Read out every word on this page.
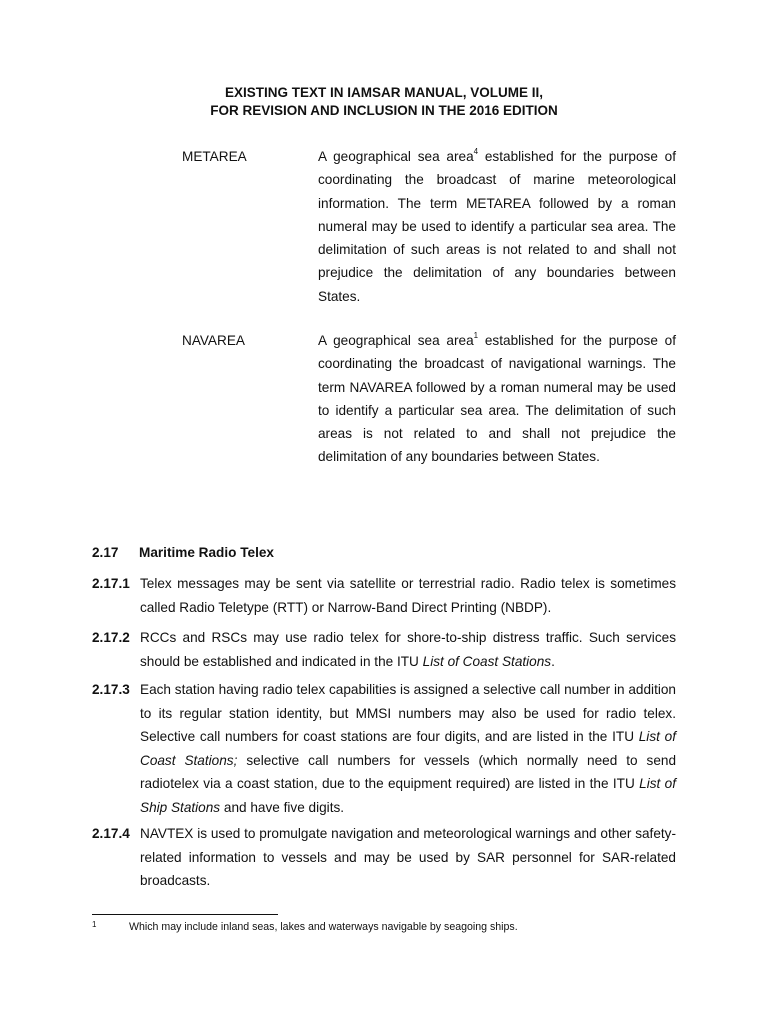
EXISTING TEXT IN IAMSAR MANUAL, VOLUME II,
FOR REVISION AND INCLUSION IN THE 2016 EDITION
METAREA	A geographical sea area$^4$ established for the purpose of coordinating the broadcast of marine meteorological information. The term METAREA followed by a roman numeral may be used to identify a particular sea area. The delimitation of such areas is not related to and shall not prejudice the delimitation of any boundaries between States.
NAVAREA	A geographical sea area$^1$ established for the purpose of coordinating the broadcast of navigational warnings. The term NAVAREA followed by a roman numeral may be used to identify a particular sea area. The delimitation of such areas is not related to and shall not prejudice the delimitation of any boundaries between States.
2.17 Maritime Radio Telex
2.17.1 Telex messages may be sent via satellite or terrestrial radio. Radio telex is sometimes called Radio Teletype (RTT) or Narrow-Band Direct Printing (NBDP).
2.17.2 RCCs and RSCs may use radio telex for shore-to-ship distress traffic. Such services should be established and indicated in the ITU List of Coast Stations.
2.17.3 Each station having radio telex capabilities is assigned a selective call number in addition to its regular station identity, but MMSI numbers may also be used for radio telex. Selective call numbers for coast stations are four digits, and are listed in the ITU List of Coast Stations; selective call numbers for vessels (which normally need to send radiotelex via a coast station, due to the equipment required) are listed in the ITU List of Ship Stations and have five digits.
2.17.4 NAVTEX is used to promulgate navigation and meteorological warnings and other safety-related information to vessels and may be used by SAR personnel for SAR-related broadcasts.
1	Which may include inland seas, lakes and waterways navigable by seagoing ships.
